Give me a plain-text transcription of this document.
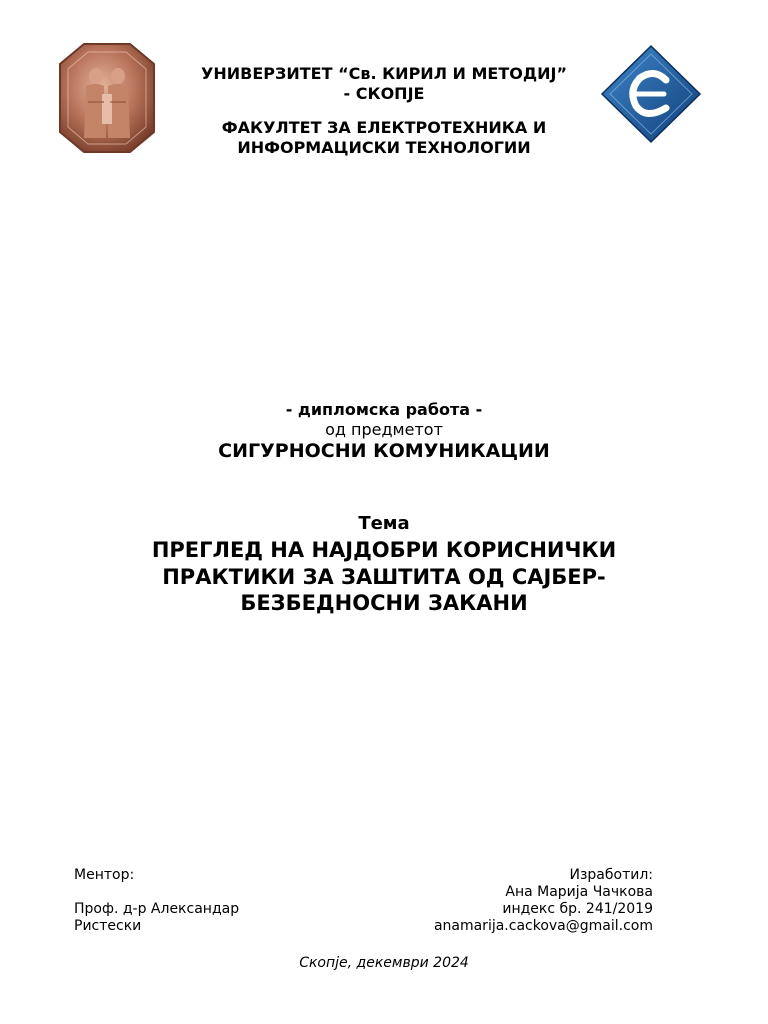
УНИВЕРЗИТЕТ “Св. КИРИЛ И МЕТОДИЈ”
- СКОПЈЕ
ФАКУЛТЕТ ЗА ЕЛЕКТРОТЕХНИКА И
ИНФОРМАЦИСКИ ТЕХНОЛОГИИ
- дипломска работа -
од предметот
СИГУРНОСНИ КОМУНИКАЦИИ
Тема
ПРЕГЛЕД НА НАЈДОБРИ КОРИСНИЧКИ
ПРАКТИКИ ЗА ЗАШТИТА ОД САЈБЕР-
БЕЗБЕДНОСНИ ЗАКАНИ
Ментор:
Проф. д-р Александар
Ристески
Изработил:
Ана Марија Чачкова
индекс бр. 241/2019
anamarija.cackova@gmail.com
Скопје, декември 2024
